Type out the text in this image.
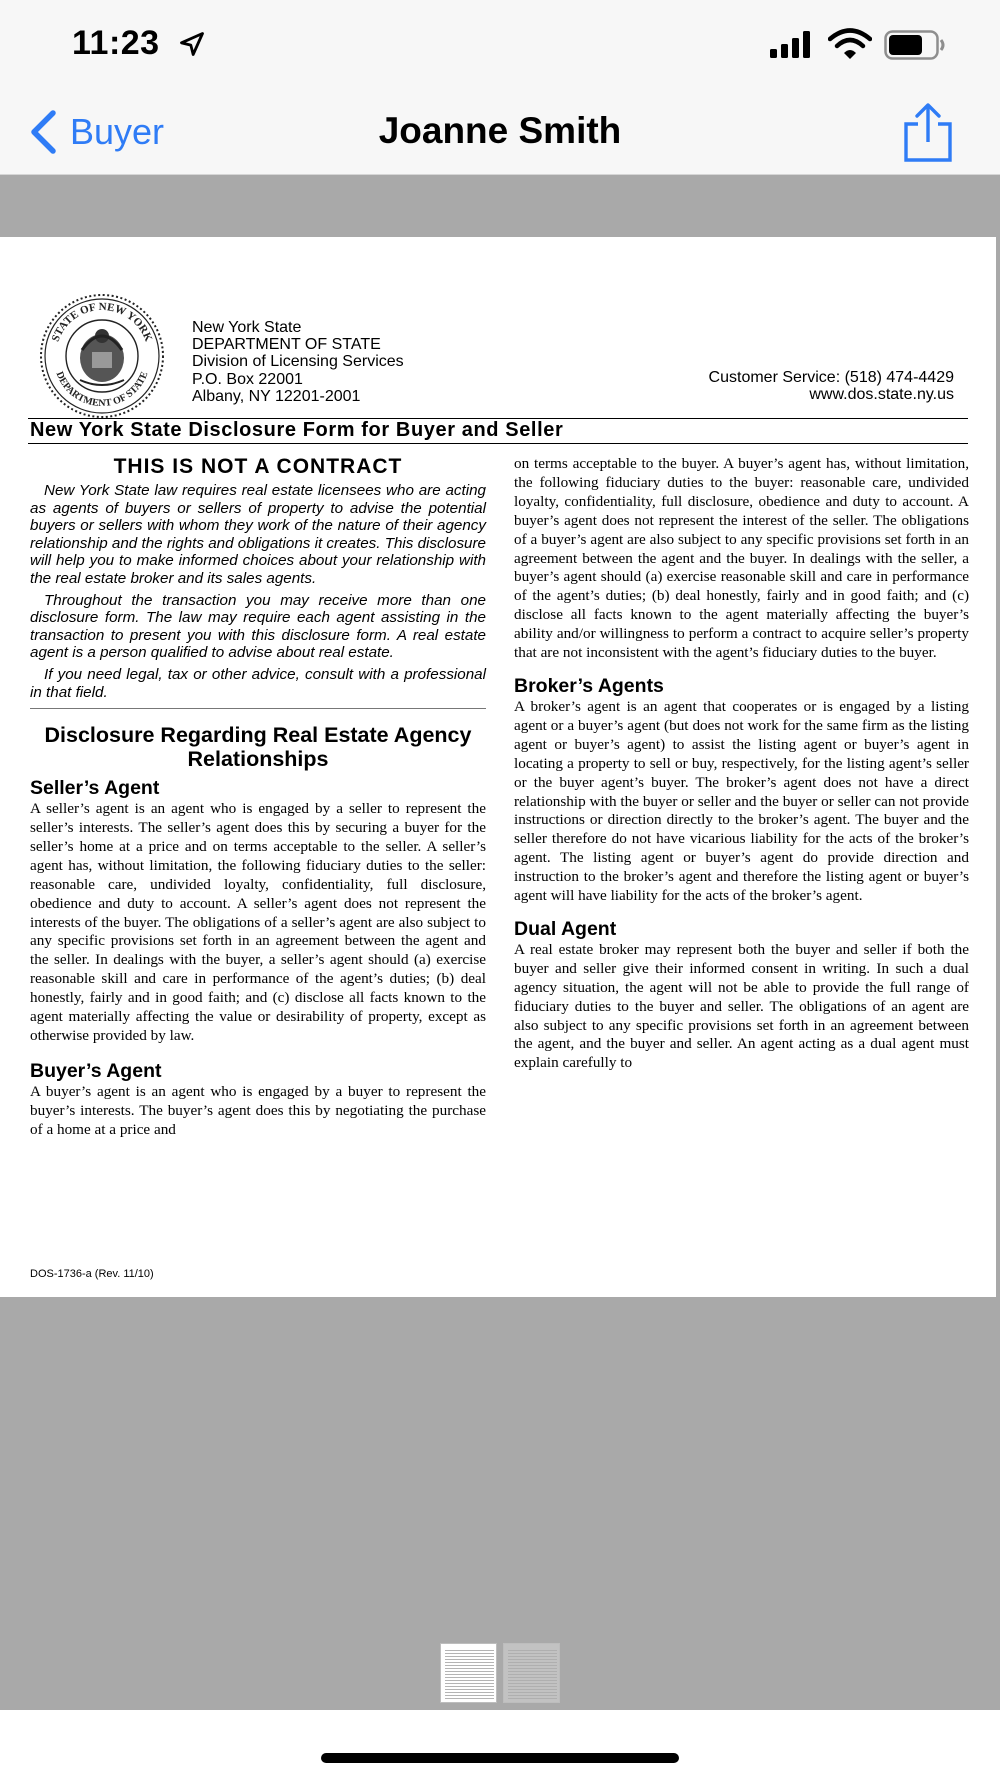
11:23
Buyer	Joanne Smith
STATE OF NEW YORK
DEPARTMENT OF STATE
New York State
DEPARTMENT OF STATE
Division of Licensing Services
P.O. Box 22001
Albany, NY 12201-2001
Customer Service: (518) 474-4429
www.dos.state.ny.us
New York State Disclosure Form for Buyer and Seller
THIS IS NOT A CONTRACT

New York State law requires real estate licensees who are acting as agents of buyers or sellers of property to advise the potential buyers or sellers with whom they work of the nature of their agency relationship and the rights and obligations it creates. This disclosure will help you to make informed choices about your relationship with the real estate broker and its sales agents.

Throughout the transaction you may receive more than one disclosure form. The law may require each agent assisting in the transaction to present you with this disclosure form. A real estate agent is a person qualified to advise about real estate.

If you need legal, tax or other advice, consult with a professional in that field.

Disclosure Regarding Real Estate Agency Relationships
Seller’s Agent
A seller’s agent is an agent who is engaged by a seller to represent the seller’s interests. The seller’s agent does this by securing a buyer for the seller’s home at a price and on terms acceptable to the seller. A seller’s agent has, without limitation, the following fiduciary duties to the seller: reasonable care, undivided loyalty, confidentiality, full disclosure, obedience and duty to account. A seller’s agent does not represent the interests of the buyer. The obligations of a seller’s agent are also subject to any specific provisions set forth in an agreement between the agent and the seller. In dealings with the buyer, a seller’s agent should (a) exercise reasonable skill and care in performance of the agent’s duties; (b) deal honestly, fairly and in good faith; and (c) disclose all facts known to the agent materially affecting the value or desirability of property, except as otherwise provided by law.
Buyer’s Agent
A buyer’s agent is an agent who is engaged by a buyer to represent the buyer’s interests. The buyer’s agent does this by negotiating the purchase of a home at a price and
on terms acceptable to the buyer. A buyer’s agent has, without limitation, the following fiduciary duties to the buyer: reasonable care, undivided loyalty, confidentiality, full disclosure, obedience and duty to account. A buyer’s agent does not represent the interest of the seller. The obligations of a buyer’s agent are also subject to any specific provisions set forth in an agreement between the agent and the buyer. In dealings with the seller, a buyer’s agent should (a) exercise reasonable skill and care in performance of the agent’s duties; (b) deal honestly, fairly and in good faith; and (c) disclose all facts known to the agent materially affecting the buyer’s ability and/or willingness to perform a contract to acquire seller’s property that are not inconsistent with the agent’s fiduciary duties to the buyer.
Broker’s Agents
A broker’s agent is an agent that cooperates or is engaged by a listing agent or a buyer’s agent (but does not work for the same firm as the listing agent or buyer’s agent) to assist the listing agent or buyer’s agent in locating a property to sell or buy, respectively, for the listing agent’s seller or the buyer agent’s buyer. The broker’s agent does not have a direct relationship with the buyer or seller and the buyer or seller can not provide instructions or direction directly to the broker’s agent. The buyer and the seller therefore do not have vicarious liability for the acts of the broker’s agent. The listing agent or buyer’s agent do provide direction and instruction to the broker’s agent and therefore the listing agent or buyer’s agent will have liability for the acts of the broker’s agent.
Dual Agent
A real estate broker may represent both the buyer and seller if both the buyer and seller give their informed consent in writing. In such a dual agency situation, the agent will not be able to provide the full range of fiduciary duties to the buyer and seller. The obligations of an agent are also subject to any specific provisions set forth in an agreement between the agent, and the buyer and seller. An agent acting as a dual agent must explain carefully to
DOS-1736-a (Rev. 11/10)
